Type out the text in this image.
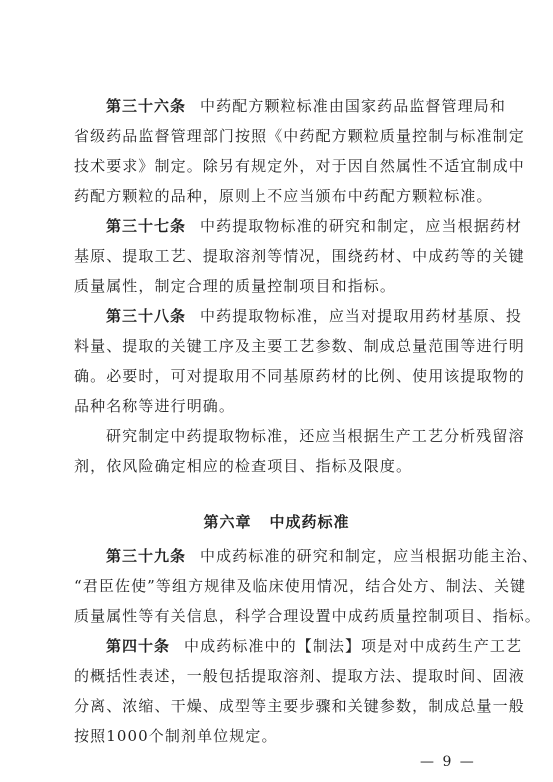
第三十六条 中药配方颗粒标准由国家药品监督管理局和
省级药品监督管理部门按照《中药配方颗粒质量控制与标准制定
技术要求》制定。除另有规定外，对于因自然属性不适宜制成中
药配方颗粒的品种，原则上不应当颁布中药配方颗粒标准。
第三十七条 中药提取物标准的研究和制定，应当根据药材
基原、提取工艺、提取溶剂等情况，围绕药材、中成药等的关键
质量属性，制定合理的质量控制项目和指标。
第三十八条 中药提取物标准，应当对提取用药材基原、投
料量、提取的关键工序及主要工艺参数、制成总量范围等进行明
确。必要时，可对提取用不同基原药材的比例、使用该提取物的
品种名称等进行明确。
研究制定中药提取物标准，还应当根据生产工艺分析残留溶
剂，依风险确定相应的检查项目、指标及限度。
第六章 中成药标准
第三十九条 中成药标准的研究和制定，应当根据功能主治、
“君臣佐使”等组方规律及临床使用情况，结合处方、制法、关键
质量属性等有关信息，科学合理设置中成药质量控制项目、指标。
第四十条 中成药标准中的【制法】项是对中成药生产工艺
的概括性表述，一般包括提取溶剂、提取方法、提取时间、固液
分离、浓缩、干燥、成型等主要步骤和关键参数，制成总量一般
按照1000个制剂单位规定。
— 9 —
